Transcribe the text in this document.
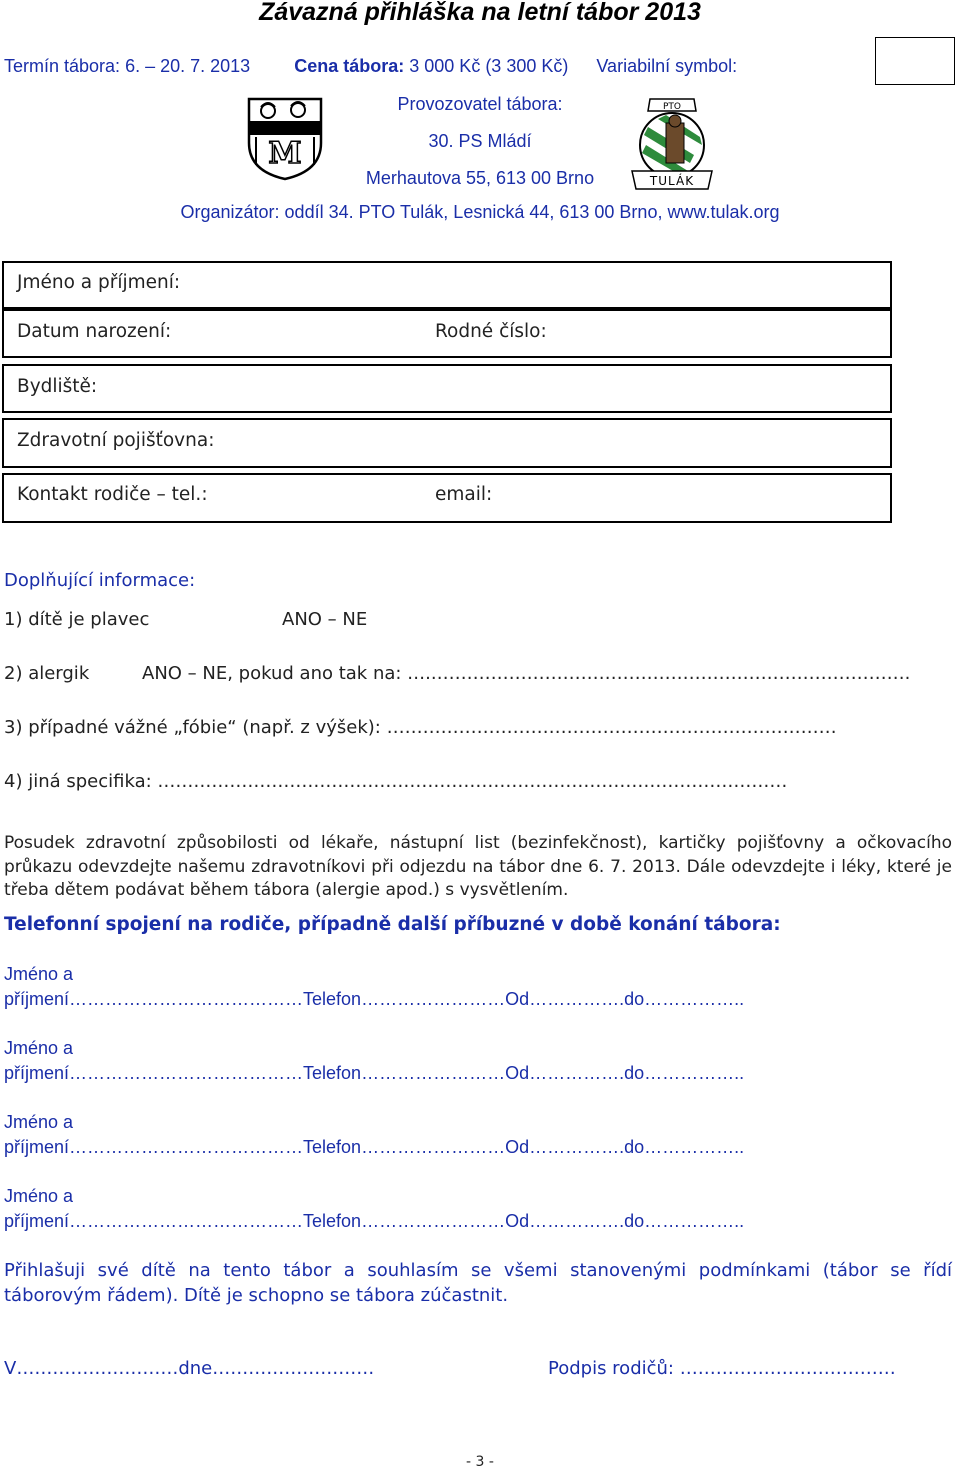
Závazná přihláška na letní tábor 2013
Termín tábora: 6. – 20. 7. 2013 Cena tábora: 3 000 Kč (3 300 Kč) Variabilní symbol:
M
Provozovatel tábora:
30. PS Mládí
Merhautova 55, 613 00 Brno
PTO
TULÁK
Organizátor: oddíl 34. PTO Tulák, Lesnická 44, 613 00 Brno, www.tulak.org
Jméno a příjmení:
Datum narození:	Rodné číslo:
Bydliště:
Zdravotní pojišťovna:
Kontakt rodiče – tel.:	email:
Doplňující informace:
1) dítě je plavec	ANO – NE
2) alergik	ANO – NE, pokud ano tak na: …..…………………………………………………………………….
3) případné vážné „fóbie“ (např. z výšek): …………………………………………………………………
4) jiná specifika: ……………………………………………………………………………………………
Posudek zdravotní způsobilosti od lékaře, nástupní list (bezinfekčnost), kartičky pojišťovny a očkovacího průkazu odevzdejte našemu zdravotníkovi při odjezdu na tábor dne 6. 7. 2013. Dále odevzdejte i léky, které je třeba dětem podávat během tábora (alergie apod.) s vysvětlením.
Telefonní spojení na rodiče, případně další příbuzné v době konání tábora:
Jméno a
příjmení…………………………………Telefon……………………Od…………….do……………..
Jméno a
příjmení…………………………………Telefon……………………Od…………….do……………..
Jméno a
příjmení…………………………………Telefon……………………Od…………….do……………..
Jméno a
příjmení…………………………………Telefon……………………Od…………….do……………..
Přihlašuji své dítě na tento tábor a souhlasím se všemi stanovenými podmínkami (tábor se řídí táborovým řádem). Dítě je schopno se tábora zúčastnit.
V………………………dne………………………	Podpis rodičů: ………………………………
- 3 -
